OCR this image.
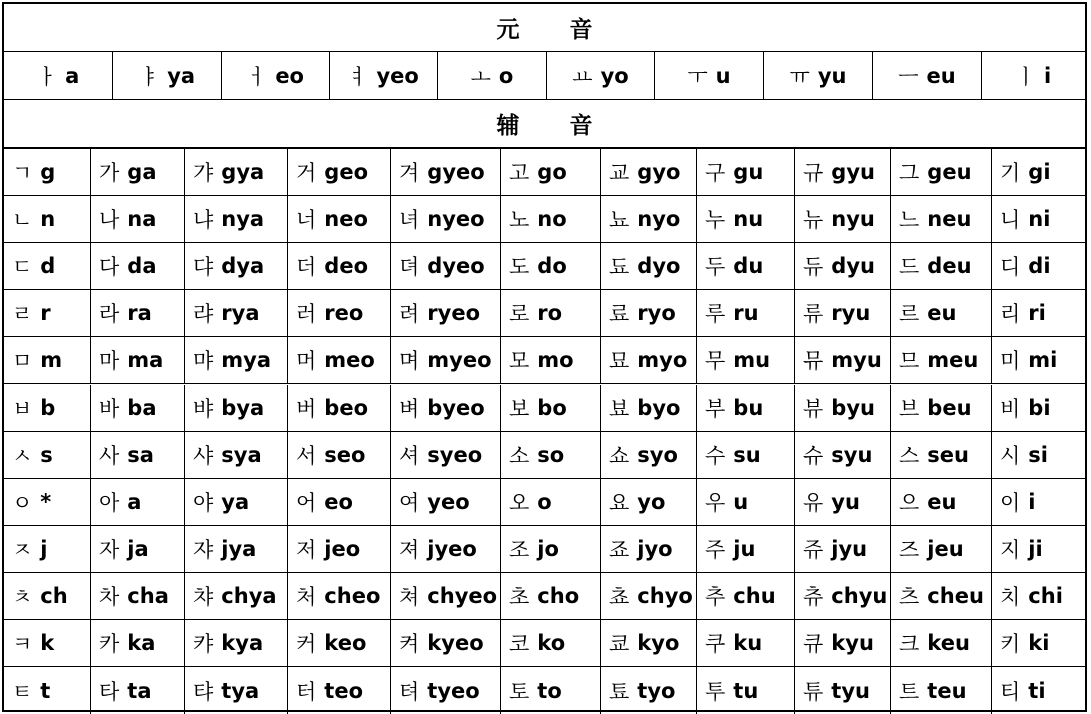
元 音
ㅏ a	ㅑ ya ㅓ eo ㅕ yeo ㅗ o	ㅛ yo	ㅜ u	ㅠ yu ㅡ eu	ㅣ i
辅 音
ㄱ g 가 ga 갸 gya 거 geo 겨 gyeo 고 go 교 gyo 구 gu 규 gyu 그 geu 기 gi
ㄴ n 나 na 냐 nya 너 neo 녀 nyeo 노 no 뇨 nyo 누 nu 뉴 nyu 느 neu 니 ni
ㄷ d 다 da 댜 dya 더 deo 뎌 dyeo 도 do 됴 dyo 두 du 듀 dyu 드 deu 디 di
ㄹ r 라 ra 랴 rya 러 reo 려 ryeo 로 ro 료 ryo 루 ru 류 ryu 르 eu 리 ri
ㅁ m 마 ma 먀 mya 머 meo 며 myeo 모 mo 묘 myo 무 mu 뮤 myu 므 meu 미 mi
ㅂ b 바 ba 뱌 bya 버 beo 벼 byeo 보 bo 뵤 byo 부 bu 뷰 byu 브 beu 비 bi
ㅅ s 사 sa 샤 sya 서 seo 셔 syeo 소 so 쇼 syo 수 su 슈 syu 스 seu 시 si
ㅇ * 아 a 야 ya 어 eo 여 yeo 오 o	요 yo 우 u	유 yu 으 eu 이 i
ㅈ j 자 ja 쟈 jya 저 jeo 져 jyeo 조 jo 죠 jyo 주 ju 쥬 jyu 즈 jeu 지 ji
ㅊ ch 차 cha 챠 chya 처 cheo 쳐 chyeo 초 cho 쵸 chyo 추 chu 츄 chyu 츠 cheu 치 chi
ㅋ k 카 ka 캬 kya 커 keo 켜 kyeo 코 ko 쿄 kyo 쿠 ku 큐 kyu 크 keu 키 ki
ㅌ t 타 ta 탸 tya 터 teo 텨 tyeo 토 to 툐 tyo 투 tu 튜 tyu 트 teu 티 ti
